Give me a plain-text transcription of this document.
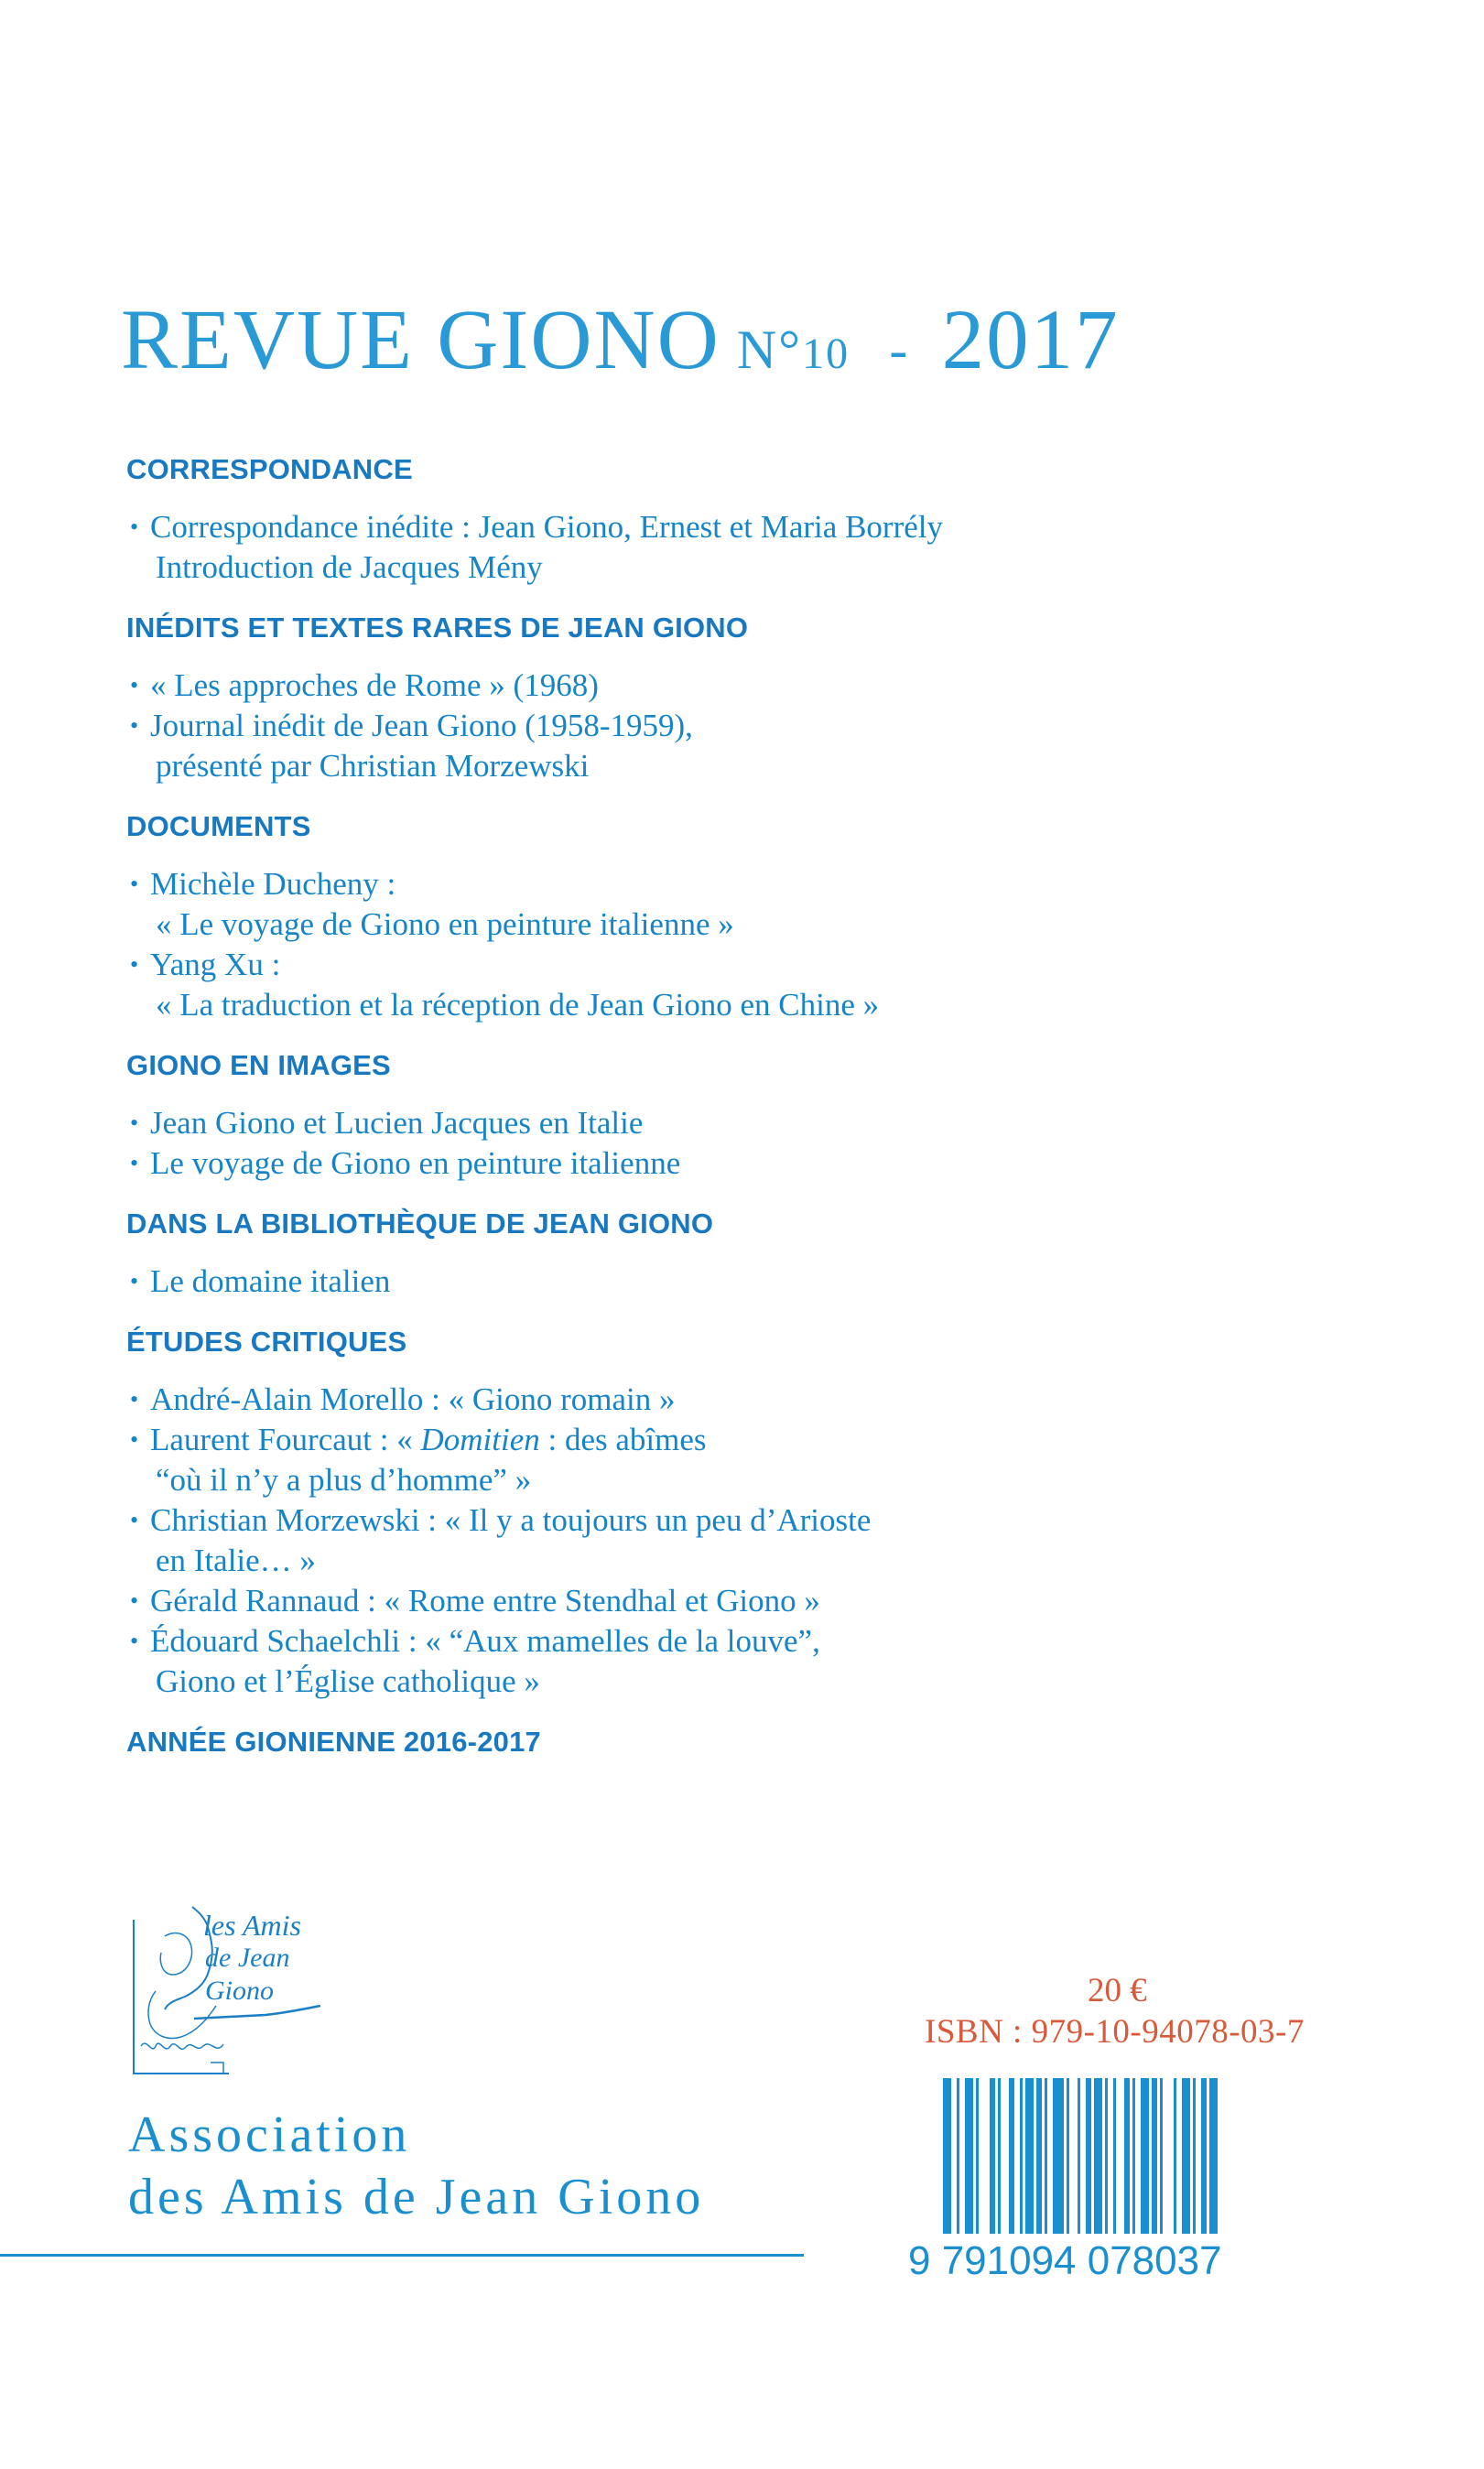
REVUE GIONO N°10 - 2017
CORRESPONDANCE
• Correspondance inédite : Jean Giono, Ernest et Maria Borrély
Introduction de Jacques Mény
INÉDITS ET TEXTES RARES DE JEAN GIONO
• « Les approches de Rome » (1968)
• Journal inédit de Jean Giono (1958-1959),
présenté par Christian Morzewski
DOCUMENTS
• Michèle Ducheny :
« Le voyage de Giono en peinture italienne »
• Yang Xu :
« La traduction et la réception de Jean Giono en Chine »
GIONO EN IMAGES
• Jean Giono et Lucien Jacques en Italie
• Le voyage de Giono en peinture italienne
DANS LA BIBLIOTHÈQUE DE JEAN GIONO
• Le domaine italien
ÉTUDES CRITIQUES
• André-Alain Morello : « Giono romain »
• Laurent Fourcaut : « Domitien : des abîmes
“où il n’y a plus d’homme” »
• Christian Morzewski : « Il y a toujours un peu d’Arioste
en Italie… »
• Gérald Rannaud : « Rome entre Stendhal et Giono »
• Édouard Schaelchli : « “Aux mamelles de la louve”,
Giono et l’Église catholique »
ANNÉE GIONIENNE 2016-2017
les Amis
de Jean Giono
Association
des Amis de Jean Giono
20 €
ISBN : 979-10-94078-03-7
9 791094 078037
